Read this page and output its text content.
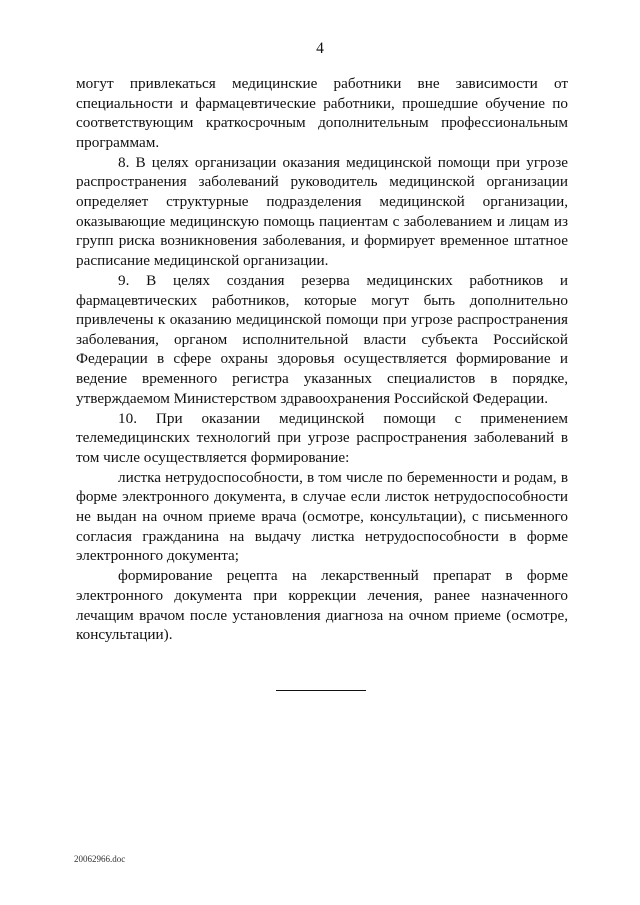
4

могут привлекаться медицинские работники вне зависимости от специальности и фармацевтические работники, прошедшие обучение по соответствующим краткосрочным дополнительным профессиональным программам.

8. В целях организации оказания медицинской помощи при угрозе распространения заболеваний руководитель медицинской организации определяет структурные подразделения медицинской организации, оказывающие медицинскую помощь пациентам с заболеванием и лицам из групп риска возникновения заболевания, и формирует временное штатное расписание медицинской организации.

9. В целях создания резерва медицинских работников и фармацевтических работников, которые могут быть дополнительно привлечены к оказанию медицинской помощи при угрозе распространения заболевания, органом исполнительной власти субъекта Российской Федерации в сфере охраны здоровья осуществляется формирование и ведение временного регистра указанных специалистов в порядке, утверждаемом Министерством здравоохранения Российской Федерации.

10. При оказании медицинской помощи с применением телемедицинских технологий при угрозе распространения заболеваний в том числе осуществляется формирование:

листка нетрудоспособности, в том числе по беременности и родам, в форме электронного документа, в случае если листок нетрудоспособности не выдан на очном приеме врача (осмотре, консультации), с письменного согласия гражданина на выдачу листка нетрудоспособности в форме электронного документа;

формирование рецепта на лекарственный препарат в форме электронного документа при коррекции лечения, ранее назначенного лечащим врачом после установления диагноза на очном приеме (осмотре, консультации).

20062966.doc
